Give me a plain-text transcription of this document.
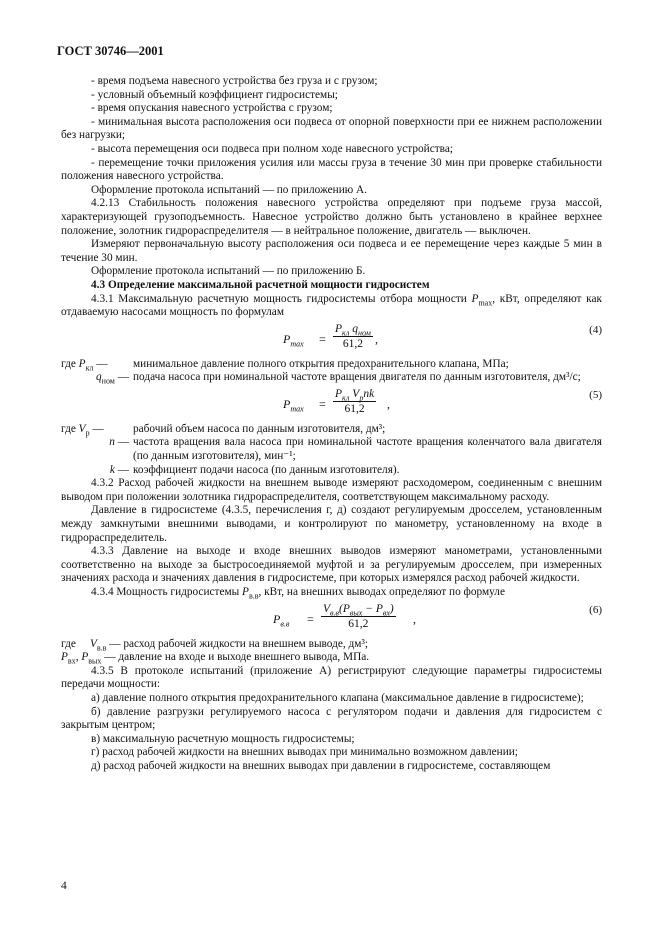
ГОСТ 30746—2001

- время подъема навесного устройства без груза и с грузом;

- условный объемный коэффициент гидросистемы;

- время опускания навесного устройства с грузом;

- минимальная высота расположения оси подвеса от опорной поверхности при ее нижнем расположении без нагрузки;

- высота перемещения оси подвеса при полном ходе навесного устройства;

- перемещение точки приложения усилия или массы груза в течение 30 мин при проверке стабильности положения навесного устройства.

Оформление протокола испытаний — по приложению А.

4.2.13 Стабильность положения навесного устройства определяют при подъеме груза массой, характеризующей грузоподъемность. Навесное устройство должно быть установлено в крайнее верхнее положение, золотник гидрораспределителя — в нейтральное положение, двигатель — выключен.

Измеряют первоначальную высоту расположения оси подвеса и ее перемещение через каждые 5 мин в течение 30 мин.

Оформление протокола испытаний — по приложению Б.

4.3 Определение максимальной расчетной мощности гидросистем

4.3.1 Максимальную расчетную мощность гидросистемы отбора мощности $P_{max}$, кВт, определяют как отдаваемую насосами мощность по формулам

$P_{max}$ =
$P_{кл}$ $q_{ном}$
61,2	,
(4)
где $P_{кл}$ —	минимальное давление полного открытия предохранительного клапана, МПа;
$q_{ном}$ — подача насоса при номинальной частоте вращения двигателя по данным изготовителя, дм³/с;
$P_{max}$ =
$P_{кл}$ $V_рnk$
61,2	,
(5)
где $V_р$ —	рабочий объем насоса по данным изготовителя, дм³;
n — частота вращения вала насоса при номинальной частоте вращения коленчатого вала двигателя (по данным изготовителя), мин⁻¹;
k — коэффициент подачи насоса (по данным изготовителя).

4.3.2 Расход рабочей жидкости на внешнем выводе измеряют расходомером, соединенным с внешним выводом при положении золотника гидрораспределителя, соответствующем максимальному расходу.

Давление в гидросистеме (4.3.5, перечисления г, д) создают регулируемым дросселем, установленным между замкнутыми внешними выводами, и контролируют по манометру, установленному на входе в гидрораспределитель.

4.3.3 Давление на выходе и входе внешних выводов измеряют манометрами, установленными соответственно на выходе за быстросоединяемой муфтой и за регулируемым дросселем, при измеренных значениях расхода и значениях давления в гидросистеме, при которых измерялся расход рабочей жидкости.

4.3.4 Мощность гидросистемы $P_{в.в}$, кВт, на внешних выводах определяют по формуле

$P_{в.в}$ =
$V_{в.в}(P_{вых} - P_{вх})$
61,2	,
(6)

где     $V_{в.в}$ — расход рабочей жидкости на внешнем выводе, дм³;

$P_{вх}$, $P_{вых}$ — давление на входе и выходе внешнего вывода, МПа.

4.3.5 В протоколе испытаний (приложение А) регистрируют следующие параметры гидросистемы передачи мощности:

а) давление полного открытия предохранительного клапана (максимальное давление в гидросистеме);

б) давление разгрузки регулируемого насоса с регулятором подачи и давления для гидросистем с закрытым центром;

в) максимальную расчетную мощность гидросистемы;

г) расход рабочей жидкости на внешних выводах при минимально возможном давлении;

д) расход рабочей жидкости на внешних выводах при давлении в гидросистеме, составляющем

4
